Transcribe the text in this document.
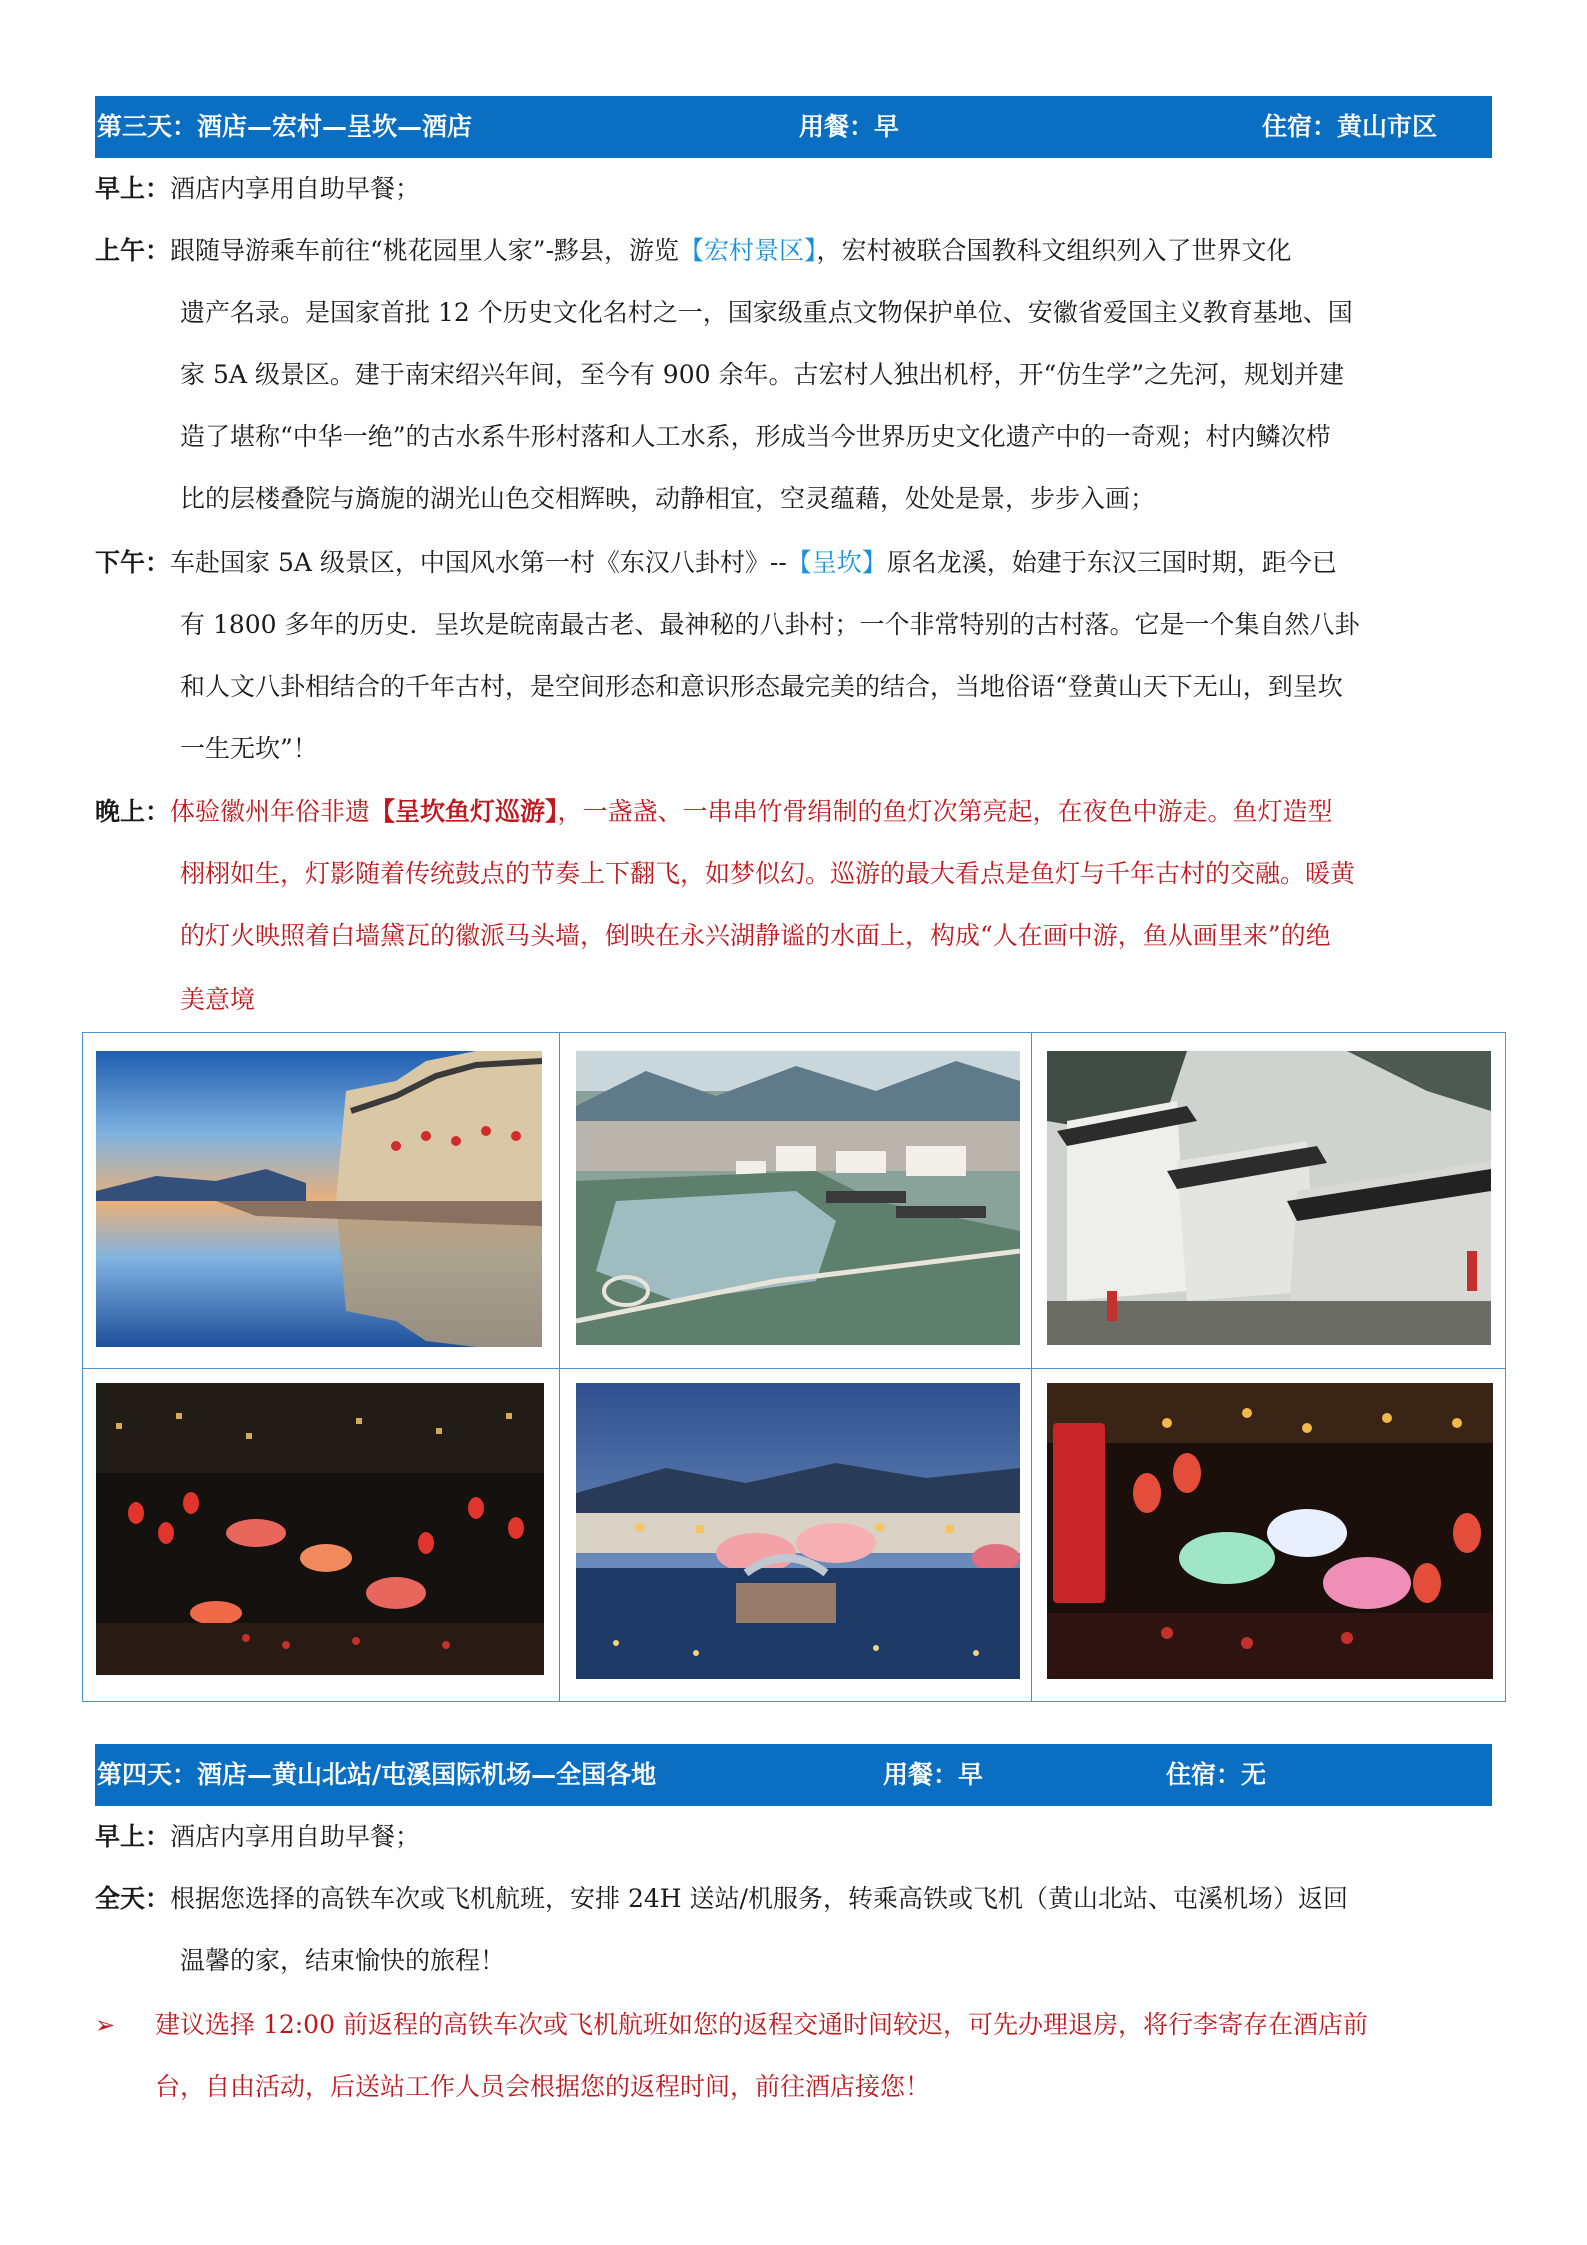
第三天：酒店—宏村—呈坎—酒店	用餐：早	住宿：黄山市区
早上：酒店内享用自助早餐；
上午：跟随导游乘车前往“桃花园里人家”-黟县，游览【宏村景区】，宏村被联合国教科文组织列入了世界文化
遗产名录。是国家首批 12 个历史文化名村之一，国家级重点文物保护单位、安徽省爱国主义教育基地、国
家 5A 级景区。建于南宋绍兴年间，至今有 900 余年。古宏村人独出机杼，开“仿生学”之先河，规划并建
造了堪称“中华一绝”的古水系牛形村落和人工水系，形成当今世界历史文化遗产中的一奇观；村内鳞次栉
比的层楼叠院与旖旎的湖光山色交相辉映，动静相宜，空灵蕴藉，处处是景，步步入画；
下午：车赴国家 5A 级景区，中国风水第一村《东汉八卦村》--【呈坎】原名龙溪，始建于东汉三国时期，距今已
有 1800 多年的历史．呈坎是皖南最古老、最神秘的八卦村；一个非常特别的古村落。它是一个集自然八卦
和人文八卦相结合的千年古村，是空间形态和意识形态最完美的结合，当地俗语“登黄山天下无山，到呈坎
一生无坎”！
晚上：体验徽州年俗非遗【呈坎鱼灯巡游】，一盏盏、一串串竹骨绢制的鱼灯次第亮起，在夜色中游走。鱼灯造型
栩栩如生，灯影随着传统鼓点的节奏上下翻飞，如梦似幻。巡游的最大看点是鱼灯与千年古村的交融。暖黄
的灯火映照着白墙黛瓦的徽派马头墙，倒映在永兴湖静谧的水面上，构成“人在画中游，鱼从画里来”的绝
美意境
第四天：酒店—黄山北站/屯溪国际机场—全国各地	用餐：早	住宿：无
早上：酒店内享用自助早餐；
全天：根据您选择的高铁车次或飞机航班，安排 24H 送站/机服务，转乘高铁或飞机（黄山北站、屯溪机场）返回
温馨的家，结束愉快的旅程！
➢	建议选择 12:00 前返程的高铁车次或飞机航班如您的返程交通时间较迟，可先办理退房，将行李寄存在酒店前
台，自由活动，后送站工作人员会根据您的返程时间，前往酒店接您！
